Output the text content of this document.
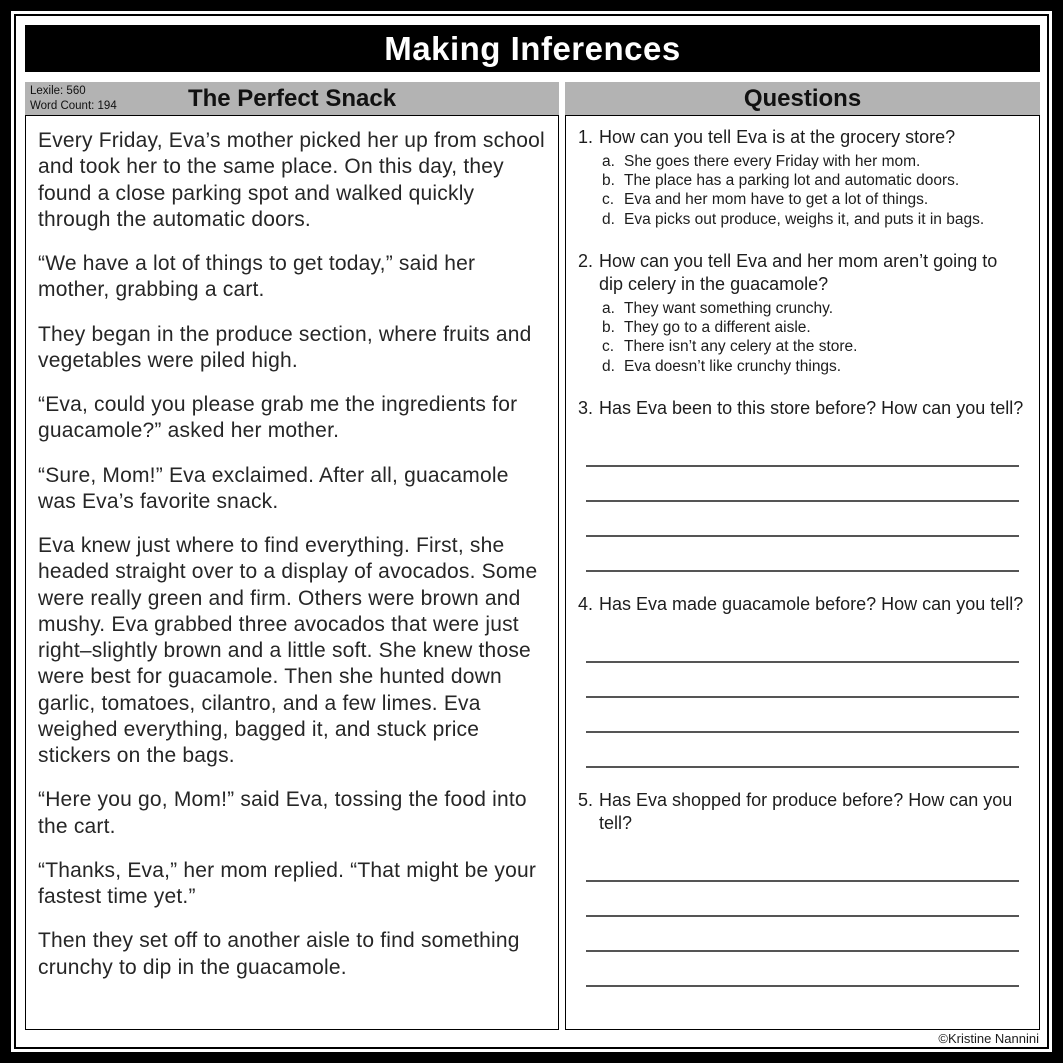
Making Inferences
Lexile: 560
Word Count: 194	The Perfect Snack	Questions

Every Friday, Eva’s mother picked her up from school and took her to the same place. On this day, they found a close parking spot and walked quickly through the automatic doors.

“We have a lot of things to get today,” said her mother, grabbing a cart.

They began in the produce section, where fruits and vegetables were piled high.

“Eva, could you please grab me the ingredients for guacamole?” asked her mother.

“Sure, Mom!” Eva exclaimed. After all, guacamole was Eva’s favorite snack.

Eva knew just where to find everything. First, she headed straight over to a display of avocados. Some were really green and firm. Others were brown and mushy. Eva grabbed three avocados that were just right–slightly brown and a little soft. She knew those were best for guacamole. Then she hunted down garlic, tomatoes, cilantro, and a few limes. Eva weighed everything, bagged it, and stuck price stickers on the bags.

“Here you go, Mom!” said Eva, tossing the food into the cart.

“Thanks, Eva,” her mom replied. “That might be your fastest time yet.”

Then they set off to another aisle to find something crunchy to dip in the guacamole.

1. How can you tell Eva is at the grocery store?
a. She goes there every Friday with her mom.
b. The place has a parking lot and automatic doors.
c. Eva and her mom have to get a lot of things.
d. Eva picks out produce, weighs it, and puts it in bags.
2. How can you tell Eva and her mom aren’t going to dip celery in the guacamole?
a. They want something crunchy.
b. They go to a different aisle.
c. There isn’t any celery at the store.
d. Eva doesn’t like crunchy things.
3. Has Eva been to this store before? How can you tell?
4. Has Eva made guacamole before? How can you tell?
5. Has Eva shopped for produce before? How can you tell?
©Kristine Nannini
